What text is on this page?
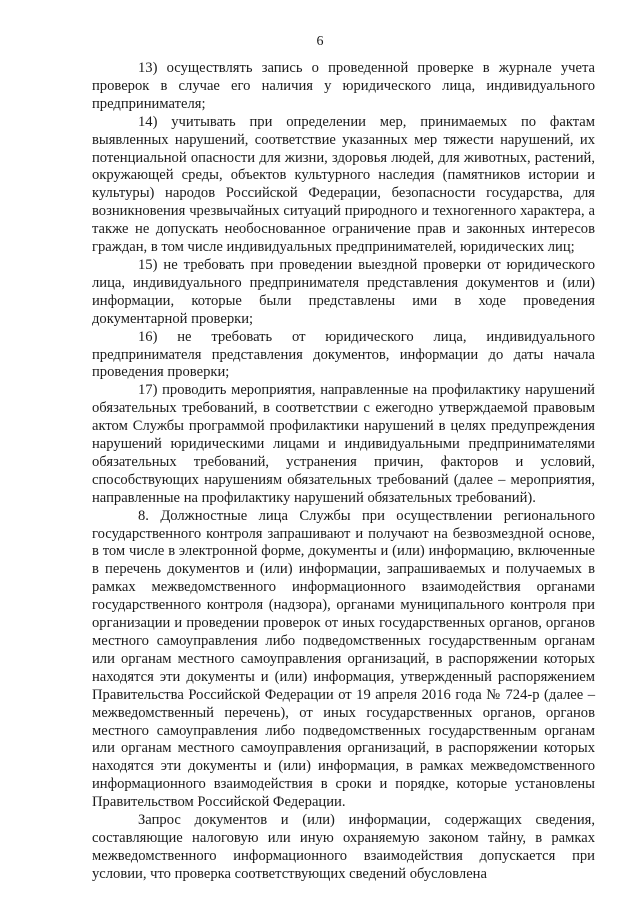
6

13) осуществлять запись о проведенной проверке в журнале учета проверок в случае его наличия у юридического лица, индивидуального предпринимателя;

14) учитывать при определении мер, принимаемых по фактам выявленных нарушений, соответствие указанных мер тяжести нарушений, их потенциальной опасности для жизни, здоровья людей, для животных, растений, окружающей среды, объектов культурного наследия (памятников истории и культуры) народов Российской Федерации, безопасности государства, для возникновения чрезвычайных ситуаций природного и техногенного характера, а также не допускать необоснованное ограничение прав и законных интересов граждан, в том числе индивидуальных предпринимателей, юридических лиц;

15) не требовать при проведении выездной проверки от юридического лица, индивидуального предпринимателя представления документов и (или) информации, которые были представлены ими в ходе проведения документарной проверки;

16) не требовать от юридического лица, индивидуального предпринимателя представления документов, информации до даты начала проведения проверки;

17) проводить мероприятия, направленные на профилактику нарушений обязательных требований, в соответствии с ежегодно утверждаемой правовым актом Службы программой профилактики нарушений в целях предупреждения нарушений юридическими лицами и индивидуальными предпринимателями обязательных требований, устранения причин, факторов и условий, способствующих нарушениям обязательных требований (далее – мероприятия, направленные на профилактику нарушений обязательных требований).

8. Должностные лица Службы при осуществлении регионального государственного контроля запрашивают и получают на безвозмездной основе, в том числе в электронной форме, документы и (или) информацию, включенные в перечень документов и (или) информации, запрашиваемых и получаемых в рамках межведомственного информационного взаимодействия органами государственного контроля (надзора), органами муниципального контроля при организации и проведении проверок от иных государственных органов, органов местного самоуправления либо подведомственных государственным органам или органам местного самоуправления организаций, в распоряжении которых находятся эти документы и (или) информация, утвержденный распоряжением Правительства Российской Федерации от 19 апреля 2016 года № 724-р (далее – межведомственный перечень), от иных государственных органов, органов местного самоуправления либо подведомственных государственным органам или органам местного самоуправления организаций, в распоряжении которых находятся эти документы и (или) информация, в рамках межведомственного информационного взаимодействия в сроки и порядке, которые установлены Правительством Российской Федерации.

Запрос документов и (или) информации, содержащих сведения, составляющие налоговую или иную охраняемую законом тайну, в рамках межведомственного информационного взаимодействия допускается при условии, что проверка соответствующих сведений обусловлена
